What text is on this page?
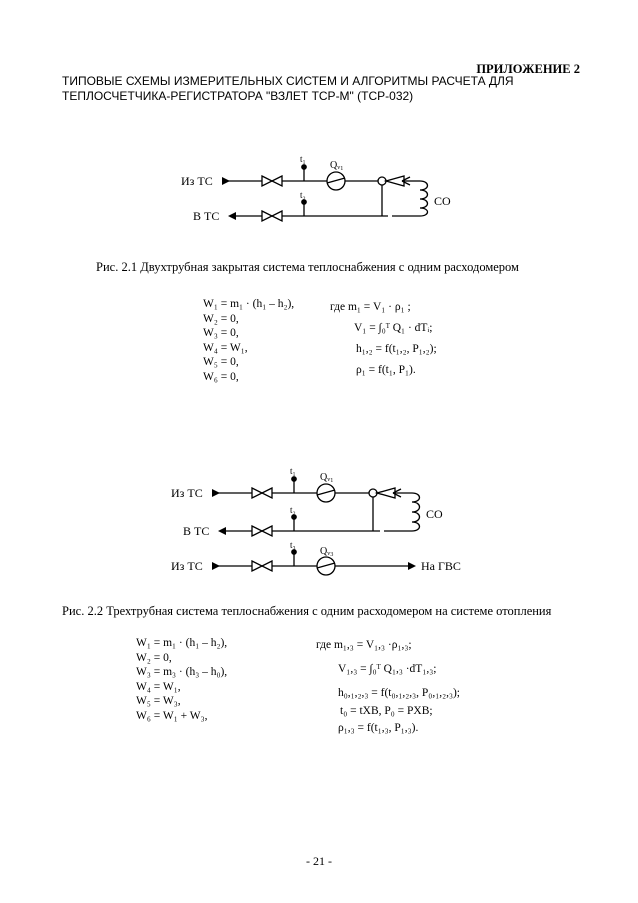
ПРИЛОЖЕНИЕ 2
ТИПОВЫЕ СХЕМЫ ИЗМЕРИТЕЛЬНЫХ СИСТЕМ И АЛГОРИТМЫ РАСЧЕТА ДЛЯ
ТЕПЛОСЧЕТЧИКА-РЕГИСТРАТОРА "ВЗЛЕТ ТСР-М" (ТСР-032)
Из ТС
В ТС
СО
t₁
t₂
Qᵥ₁
Рис. 2.1 Двухтрубная закрытая система теплоснабжения с одним расходомером
W₁ = m₁ · (h₁ – h₂),
W₂ = 0,
W₃ = 0,
W₄ = W₁,
W₅ = 0,
W₆ = 0,
где m₁ = V₁ · ρ₁ ;
V₁ = ∫₀ᵀ Q₁ · dTᵢ;
h₁,₂ = f(t₁,₂, P₁,₂);
ρ₁ = f(t₁, P₁).
Из ТС
В ТС
Из ТС
СО
На ГВС
t₁
t₂
t₃
Qᵥ₁
Qᵥ₃
Рис. 2.2 Трехтрубная система теплоснабжения с одним расходомером на системе отопления
W₁ = m₁ · (h₁ – h₂),
W₂ = 0,
W₃ = m₃ · (h₃ – h₀),
W₄ = W₁,
W₅ = W₃,
W₆ = W₁ + W₃,
где m₁,₃ = V₁,₃ ·ρ₁,₃;
V₁,₃ = ∫₀ᵀ Q₁,₃ ·dT₁,₃;
h₀,₁,₂,₃ = f(t₀,₁,₂,₃, P₀,₁,₂,₃);
t₀ = tХВ, P₀ = PХВ;
ρ₁,₃ = f(t₁,₃, P₁,₃).
- 21 -
